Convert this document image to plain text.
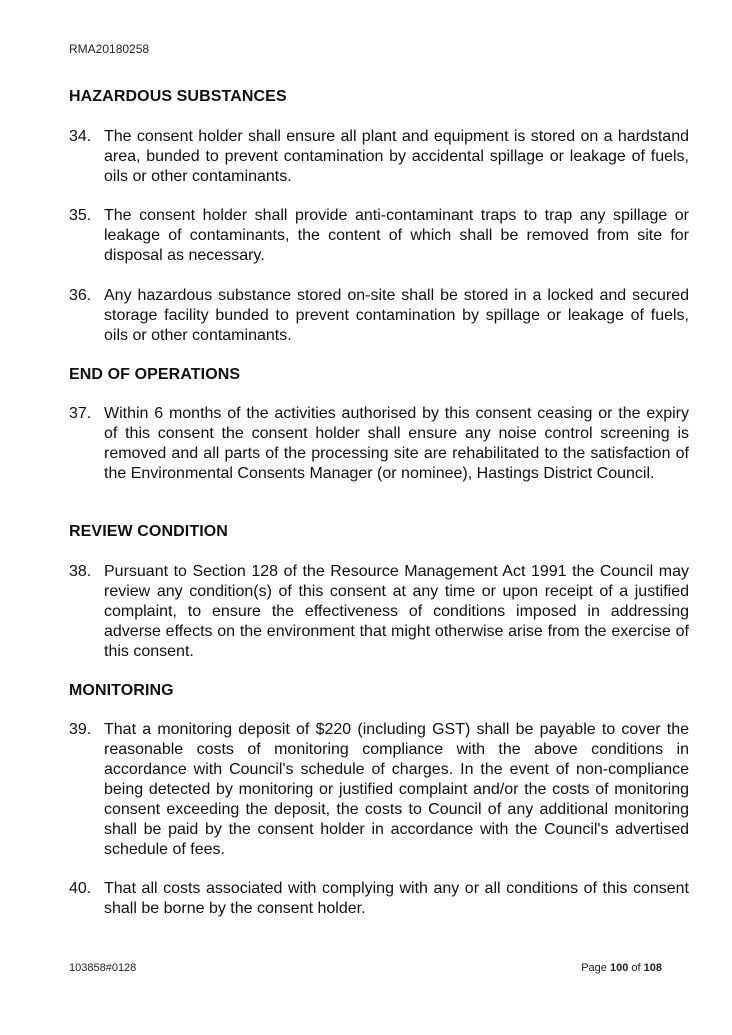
RMA20180258
HAZARDOUS SUBSTANCES
34. The consent holder shall ensure all plant and equipment is stored on a hardstand area, bunded to prevent contamination by accidental spillage or leakage of fuels, oils or other contaminants.
35. The consent holder shall provide anti-contaminant traps to trap any spillage or leakage of contaminants, the content of which shall be removed from site for disposal as necessary.
36. Any hazardous substance stored on-site shall be stored in a locked and secured storage facility bunded to prevent contamination by spillage or leakage of fuels, oils or other contaminants.
END OF OPERATIONS
37. Within 6 months of the activities authorised by this consent ceasing or the expiry of this consent the consent holder shall ensure any noise control screening is removed and all parts of the processing site are rehabilitated to the satisfaction of the Environmental Consents Manager (or nominee), Hastings District Council.
REVIEW CONDITION
38. Pursuant to Section 128 of the Resource Management Act 1991 the Council may review any condition(s) of this consent at any time or upon receipt of a justified complaint, to ensure the effectiveness of conditions imposed in addressing adverse effects on the environment that might otherwise arise from the exercise of this consent.
MONITORING
39. That a monitoring deposit of $220 (including GST) shall be payable to cover the reasonable costs of monitoring compliance with the above conditions in accordance with Council's schedule of charges. In the event of non-compliance being detected by monitoring or justified complaint and/or the costs of monitoring consent exceeding the deposit, the costs to Council of any additional monitoring shall be paid by the consent holder in accordance with the Council's advertised schedule of fees.
40. That all costs associated with complying with any or all conditions of this consent shall be borne by the consent holder.
103858#0128	Page 100 of 108
